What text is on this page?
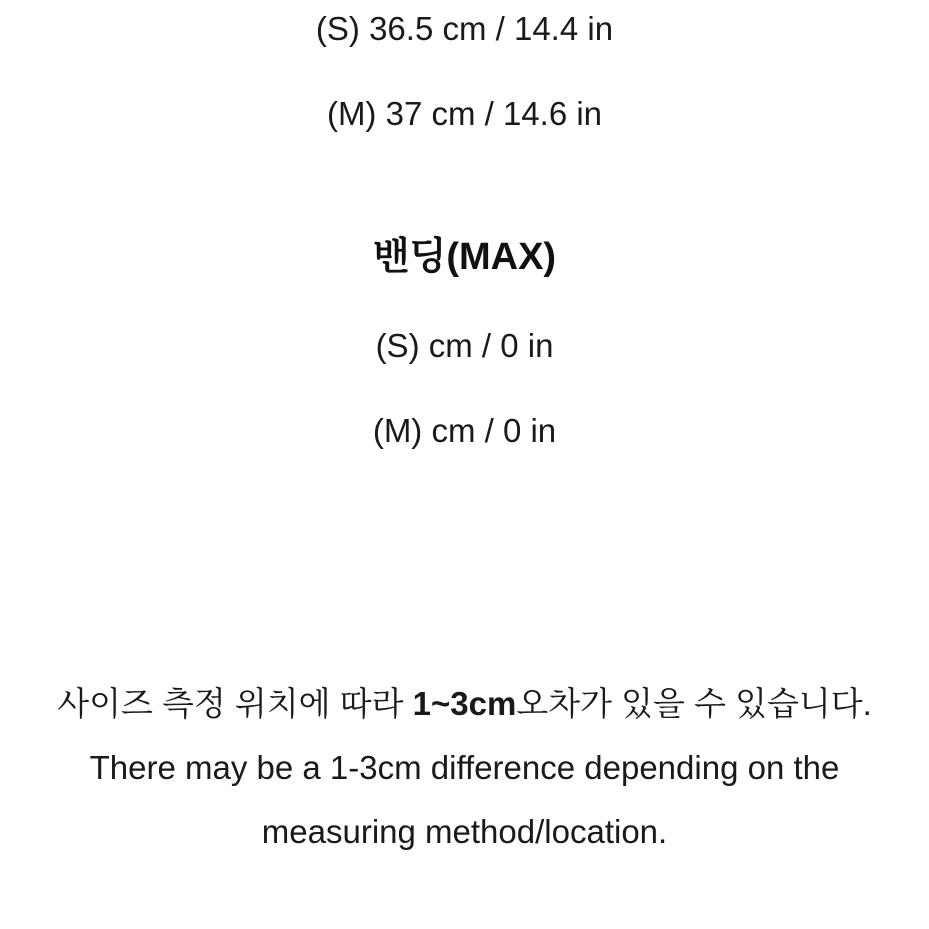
(S) 36.5 cm / 14.4 in
(M) 37 cm / 14.6 in
밴딩(MAX)
(S) cm / 0 in
(M) cm / 0 in
사이즈 측정 위치에 따라 1~3cm오차가 있을 수 있습니다.
There may be a 1-3cm difference depending on the
measuring method/location.
